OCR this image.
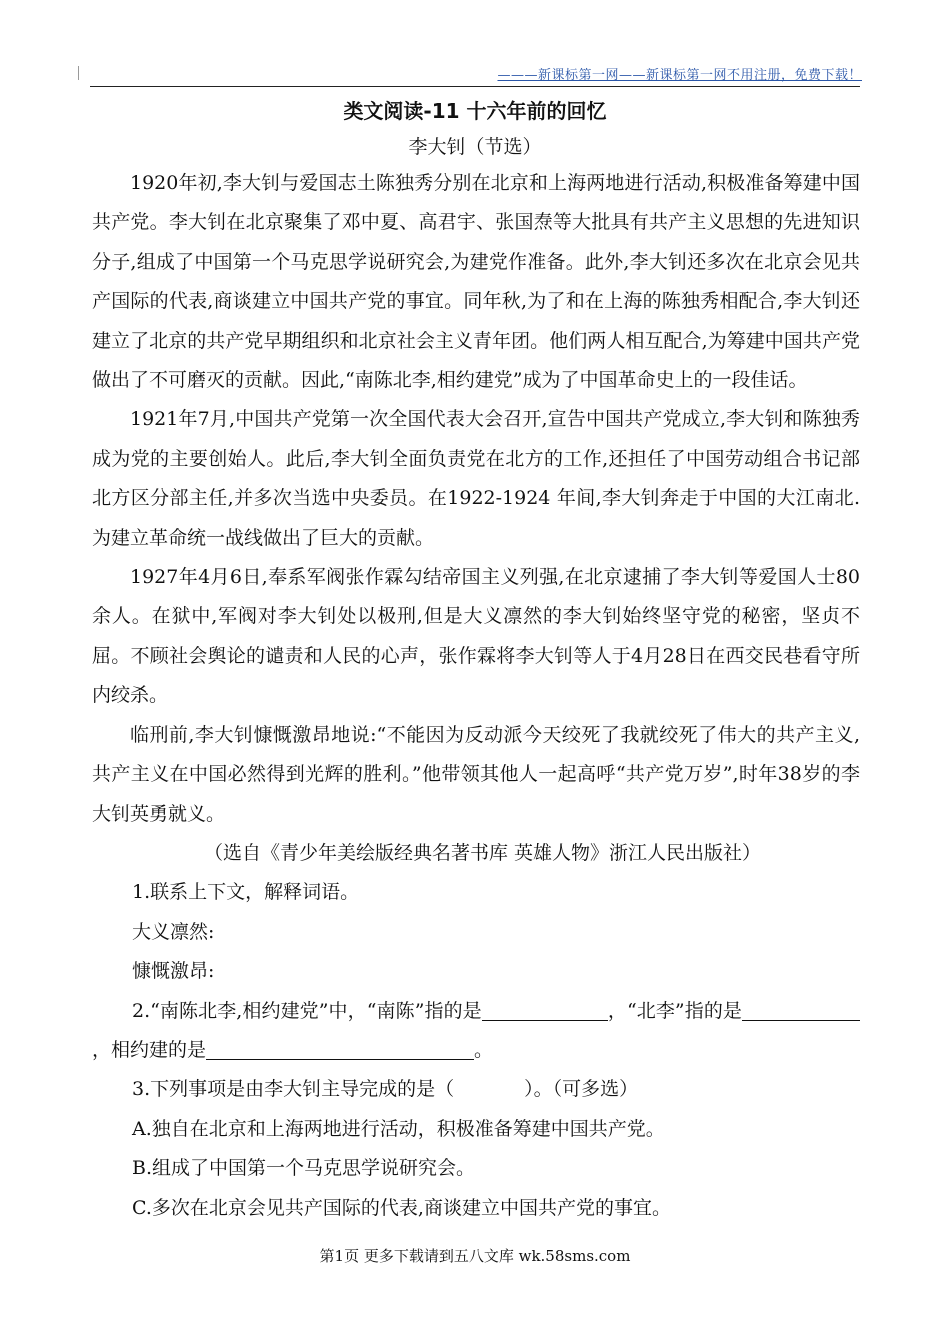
———新课标第一网——新课标第一网不用注册，免费下载！
类文阅读-11 十六年前的回忆
李大钊（节选）

1920年初,李大钊与爱国志土陈独秀分别在北京和上海两地进行活动,积极准备筹建中国共产党。李大钊在北京聚集了邓中夏、高君宇、张国焘等大批具有共产主义思想的先进知识分子,组成了中国第一个马克思学说研究会,为建党作准备。此外,李大钊还多次在北京会见共产国际的代表,商谈建立中国共产党的事宜。同年秋,为了和在上海的陈独秀相配合,李大钊还建立了北京的共产党早期组织和北京社会主义青年团。他们两人相互配合,为筹建中国共产党做出了不可磨灭的贡献。因此,“南陈北李,相约建党”成为了中国革命史上的一段佳话。

1921年7月,中国共产党第一次全国代表大会召开,宣告中国共产党成立,李大钊和陈独秀成为党的主要创始人。此后,李大钊全面负责党在北方的工作,还担任了中国劳动组合书记部北方区分部主任,并多次当选中央委员。在1922-1924 年间,李大钊奔走于中国的大江南北.为建立革命统一战线做出了巨大的贡献。

1927年4月6日,奉系军阀张作霖勾结帝国主义列强,在北京逮捕了李大钊等爱国人士80余人。在狱中,军阀对李大钊处以极刑,但是大义凛然的李大钊始终坚守党的秘密，坚贞不屈。不顾社会舆论的谴责和人民的心声，张作霖将李大钊等人于4月28日在西交民巷看守所内绞杀。

临刑前,李大钊慷慨激昂地说:“不能因为反动派今天绞死了我就绞死了伟大的共产主义,共产主义在中国必然得到光辉的胜利。”他带领其他人一起高呼“共产党万岁”,时年38岁的李大钊英勇就义。

（选自《青少年美绘版经典名著书库 英雄人物》浙江人民出版社）

1.联系上下文，解释词语。

大义凛然:

慷慨激昂:

2.“南陈北李,相约建党”中，“南陈”指的是	，“北李”指的是，相约建的是	。

3.下列事项是由李大钊主导完成的是（	）。（可多选）

A.独自在北京和上海两地进行活动，积极准备筹建中国共产党。

B.组成了中国第一个马克思学说研究会。

C.多次在北京会见共产国际的代表,商谈建立中国共产党的事宜。

第1页 更多下载请到五八文库 wk.58sms.com
